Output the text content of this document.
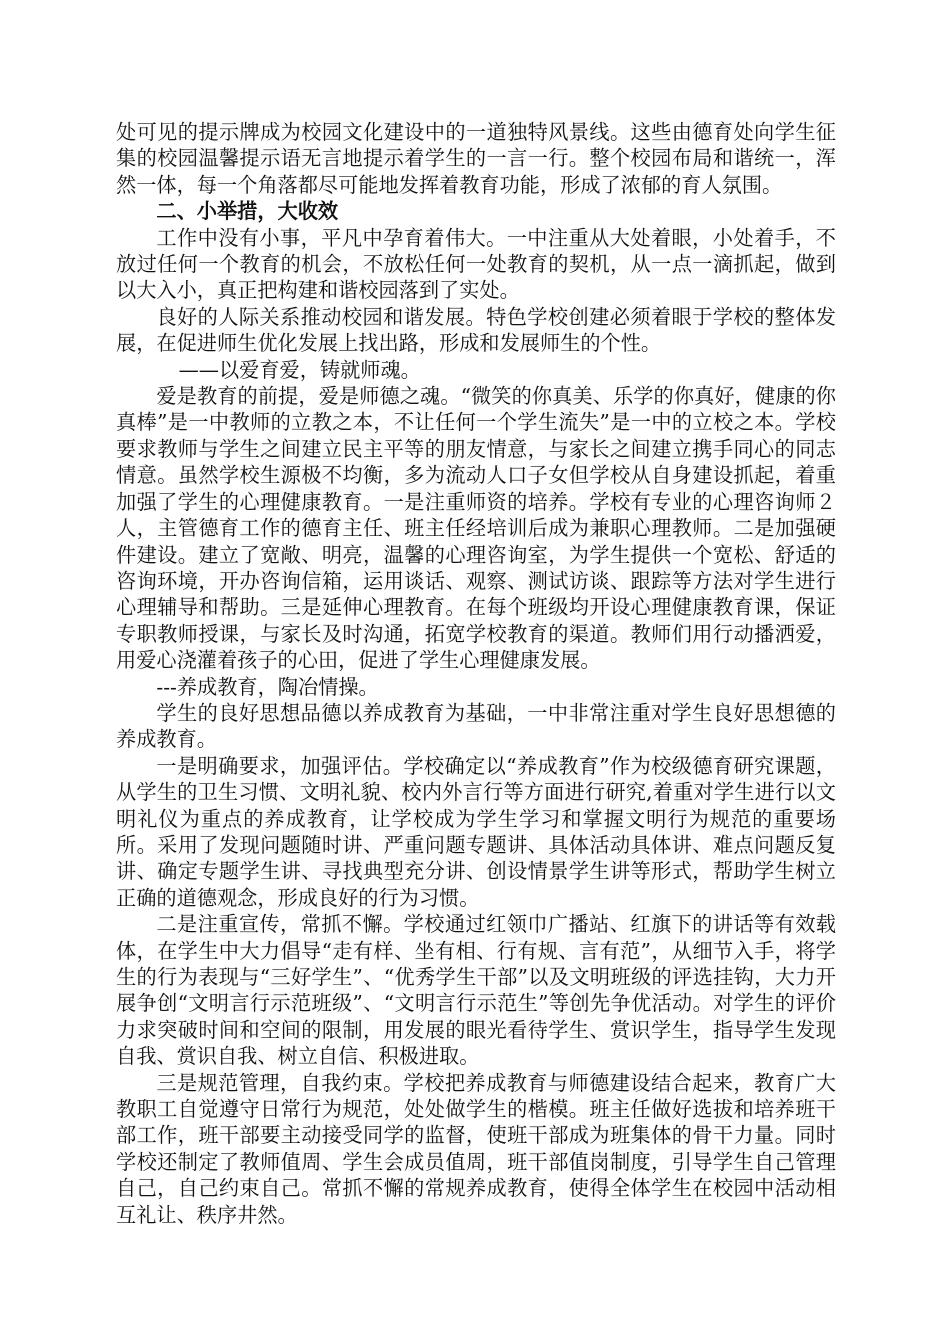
处可见的提示牌成为校园文化建设中的一道独特风景线。这些由德育处向学生征集的校园温馨提示语无言地提示着学生的一言一行。整个校园布局和谐统一，浑然一体，每一个角落都尽可能地发挥着教育功能，形成了浓郁的育人氛围。

二、小举措，大收效

工作中没有小事，平凡中孕育着伟大。一中注重从大处着眼，小处着手，不放过任何一个教育的机会，不放松任何一处教育的契机，从一点一滴抓起，做到以大入小，真正把构建和谐校园落到了实处。

良好的人际关系推动校园和谐发展。特色学校创建必须着眼于学校的整体发展，在促进师生优化发展上找出路，形成和发展师生的个性。

——以爱育爱，铸就师魂。

爱是教育的前提，爱是师德之魂。“微笑的你真美、乐学的你真好，健康的你真棒”是一中教师的立教之本，不让任何一个学生流失”是一中的立校之本。学校要求教师与学生之间建立民主平等的朋友情意，与家长之间建立携手同心的同志情意。虽然学校生源极不均衡，多为流动人口子女但学校从自身建设抓起，着重加强了学生的心理健康教育。一是注重师资的培养。学校有专业的心理咨询师２人，主管德育工作的德育主任、班主任经培训后成为兼职心理教师。二是加强硬件建设。建立了宽敞、明亮，温馨的心理咨询室，为学生提供一个宽松、舒适的咨询环境，开办咨询信箱，运用谈话、观察、测试访谈、跟踪等方法对学生进行心理辅导和帮助。三是延伸心理教育。在每个班级均开设心理健康教育课，保证专职教师授课，与家长及时沟通，拓宽学校教育的渠道。教师们用行动播洒爱，用爱心浇灌着孩子的心田，促进了学生心理健康发展。

---养成教育，陶冶情操。

学生的良好思想品德以养成教育为基础，一中非常注重对学生良好思想德的养成教育。

一是明确要求，加强评估。学校确定以“养成教育”作为校级德育研究课题，从学生的卫生习惯、文明礼貌、校内外言行等方面进行研究,着重对学生进行以文明礼仪为重点的养成教育，让学校成为学生学习和掌握文明行为规范的重要场所。采用了发现问题随时讲、严重问题专题讲、具体活动具体讲、难点问题反复讲、确定专题学生讲、寻找典型充分讲、创设情景学生讲等形式，帮助学生树立正确的道德观念，形成良好的行为习惯。

二是注重宣传，常抓不懈。学校通过红领巾广播站、红旗下的讲话等有效载体，在学生中大力倡导“走有样、坐有相、行有规、言有范”，从细节入手，将学生的行为表现与“三好学生”、“优秀学生干部”以及文明班级的评选挂钩，大力开展争创“文明言行示范班级”、“文明言行示范生”等创先争优活动。对学生的评价力求突破时间和空间的限制，用发展的眼光看待学生、赏识学生，指导学生发现自我、赏识自我、树立自信、积极进取。

三是规范管理，自我约束。学校把养成教育与师德建设结合起来，教育广大教职工自觉遵守日常行为规范，处处做学生的楷模。班主任做好选拔和培养班干部工作，班干部要主动接受同学的监督，使班干部成为班集体的骨干力量。同时学校还制定了教师值周、学生会成员值周，班干部值岗制度，引导学生自己管理自己，自己约束自己。常抓不懈的常规养成教育，使得全体学生在校园中活动相互礼让、秩序井然。
